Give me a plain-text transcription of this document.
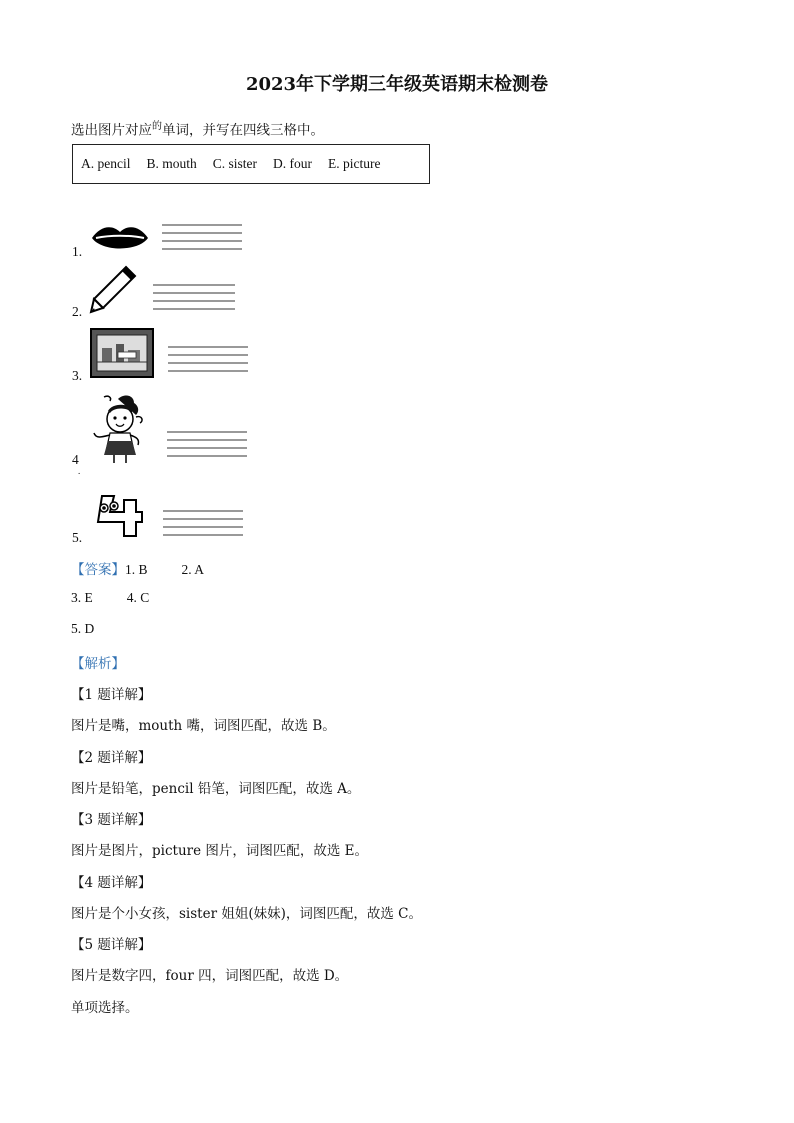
2023年下学期三年级英语期末检测卷
选出图片对应$^的$单词，并写在四线三格中。
A. pencil B. mouth C. sister D. four E. picture
1.
2.
3.
4
.
5.
【答案】1. B	2. A
3. E	4. C
5. D
【解析】
【1 题详解】
图片是嘴，mouth 嘴，词图匹配，故选 B。
【2 题详解】
图片是铅笔，pencil 铅笔，词图匹配，故选 A。
【3 题详解】
图片是图片，picture 图片，词图匹配，故选 E。
【4 题详解】
图片是个小女孩，sister 姐姐(妹妹)，词图匹配，故选 C。
【5 题详解】
图片是数字四，four 四，词图匹配，故选 D。
单项选择。
